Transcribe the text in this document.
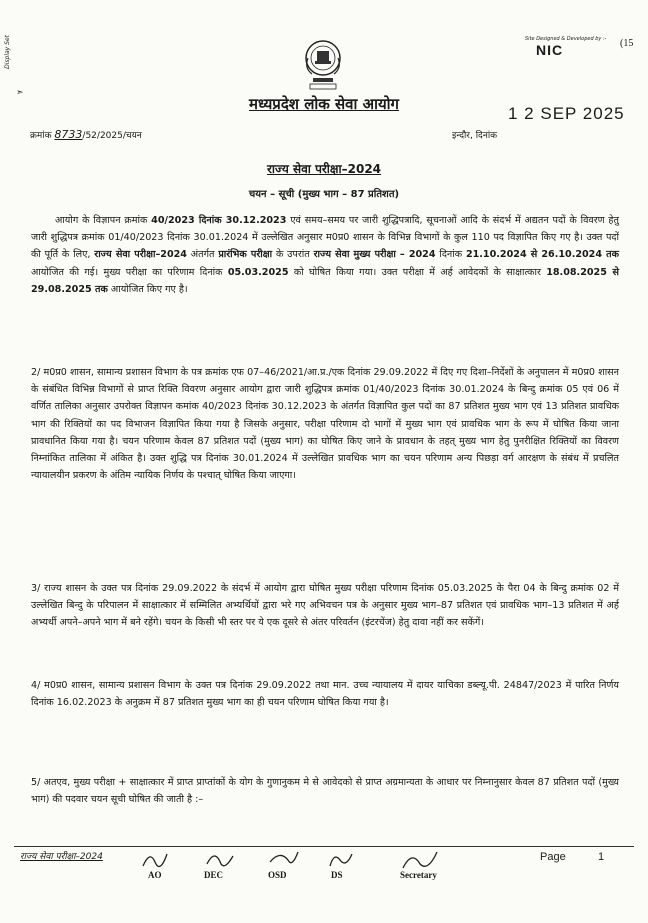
Display Set
➣
Site Designed & Developed by :-
NIC	(15
मध्यप्रदेश लोक सेवा आयोग	1 2 SEP 2025
क्रमांक 8733/52/2025/चयन	इन्दौर, दिनांक
राज्य सेवा परीक्षा–2024
चयन – सूची (मुख्य भाग – 87 प्रतिशत)
आयोग के विज्ञापन क्रमांक 40/2023 दिनांक 30.12.2023 एवं समय–समय पर जारी शुद्धिपत्रादि, सूचनाओं आदि के संदर्भ में अद्यतन पदों के विवरण हेतु जारी शुद्धिपत्र क्रमांक 01/40/2023 दिनांक 30.01.2024 में उल्लेखित अनुसार म0प्र0 शासन के विभिन्न विभागों के कुल 110 पद विज्ञापित किए गए है। उक्त पदों की पूर्ति के लिए, राज्य सेवा परीक्षा–2024 अंतर्गत प्रारंभिक परीक्षा के उपरांत राज्य सेवा मुख्य परीक्षा – 2024 दिनांक 21.10.2024 से 26.10.2024 तक आयोजित की गई। मुख्य परीक्षा का परिणाम दिनांक 05.03.2025 को घोषित किया गया। उक्त परीक्षा में अर्ह आवेदकों के साक्षात्कार 18.08.2025 से 29.08.2025 तक आयोजित किए गए है।
2/ म0प्र0 शासन, सामान्य प्रशासन विभाग के पत्र क्रमांक एफ 07–46/2021/आ.प्र./एक दिनांक 29.09.2022 में दिए गए दिशा–निर्देशों के अनुपालन में म0प्र0 शासन के संबंधित विभिन्न विभागों से प्राप्त रिक्ति विवरण अनुसार आयोग द्वारा जारी शुद्धिपत्र क्रमांक 01/40/2023 दिनांक 30.01.2024 के बिन्दु क्रमांक 05 एवं 06 में वर्णित तालिका अनुसार उपरोक्त विज्ञापन कमांक 40/2023 दिनांक 30.12.2023 के अंतर्गत विज्ञापित कुल पदों का 87 प्रतिशत मुख्य भाग एवं 13 प्रतिशत प्रावधिक भाग की रिक्तियों का पद विभाजन विज्ञापित किया गया है जिसके अनुसार, परीक्षा परिणाम दो भागों में मुख्य भाग एवं प्रावधिक भाग के रूप में घोषित किया जाना प्रावधानित किया गया है। चयन परिणाम केवल 87 प्रतिशत पदों (मुख्य भाग) का घोषित किए जाने के प्रावधान के तहत् मुख्य भाग हेतु पुनरीक्षित रिक्तियों का विवरण निम्नांकित तालिका में अंकित है। उक्त शुद्धि पत्र दिनांक 30.01.2024 में उल्लेखित प्रावधिक भाग का चयन परिणाम अन्य पिछड़ा वर्ग आरक्षण के संबंध में प्रचलित न्यायालयीन प्रकरण के अंतिम न्यायिक निर्णय के पश्चात् घोषित किया जाएगा।
3/ राज्य शासन के उक्त पत्र दिनांक 29.09.2022 के संदर्भ में आयोग द्वारा घोषित मुख्य परीक्षा परिणाम दिनांक 05.03.2025 के पैरा 04 के बिन्दु क्रमांक 02 में उल्लेखित बिन्दु के परिपालन में साक्षात्कार में सम्मिलित अभ्यर्थियों द्वारा भरे गए अभिवचन पत्र के अनुसार मुख्य भाग–87 प्रतिशत एवं प्रावधिक भाग–13 प्रतिशत में अर्ह अभ्यर्थी अपने–अपने भाग में बने रहेंगे। चयन के किसी भी स्तर पर ये एक दूसरे से अंतर परिवर्तन (इंटरचेंज) हेतु दावा नहीं कर सकेंगें।
4/ म0प्र0 शासन, सामान्य प्रशासन विभाग के उक्त पत्र दिनांक 29.09.2022 तथा मान. उच्च न्यायालय में दायर याचिका डब्ल्यू.पी. 24847/2023 में पारित निर्णय दिनांक 16.02.2023 के अनुक्रम में 87 प्रतिशत मुख्य भाग का ही चयन परिणाम घोषित किया गया है।
5/ अतएव, मुख्य परीक्षा + साक्षात्कार में प्राप्त प्राप्तांकों के योग के गुणानुकम मे से आवेदको से प्राप्त अग्रमान्यता के आधार पर निम्नानुसार केवल 87 प्रतिशत पदों (मुख्य भाग) की पदवार चयन सूची घोषित की जाती है :–
राज्य सेवा परीक्षा–2024	Page	1
AO	DEC	OSD	DS	Secretary
